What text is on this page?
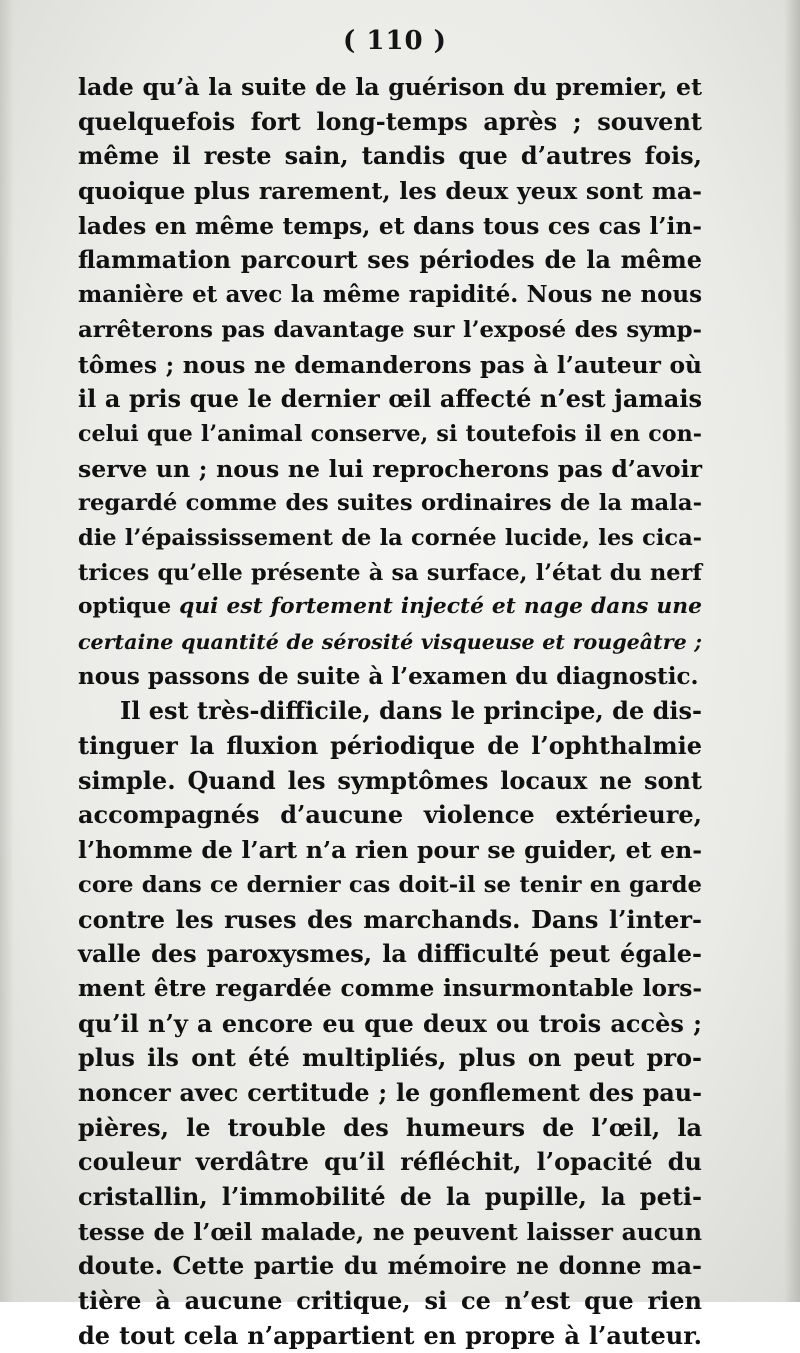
( 110 )
lade qu’à la suite de la guérison du premier, et
quelquefois fort long-temps après ; souvent
même il reste sain, tandis que d’autres fois,
quoique plus rarement, les deux yeux sont ma-
lades en même temps, et dans tous ces cas l’in-
flammation parcourt ses périodes de la même
manière et avec la même rapidité. Nous ne nous
arrêterons pas davantage sur l’exposé des symp-
tômes ; nous ne demanderons pas à l’auteur où
il a pris que le dernier œil affecté n’est jamais
celui que l’animal conserve, si toutefois il en con-
serve un ; nous ne lui reprocherons pas d’avoir
regardé comme des suites ordinaires de la mala-
die l’épaississement de la cornée lucide, les cica-
trices qu’elle présente à sa surface, l’état du nerf
optique qui est fortement injecté et nage dans une
certaine quantité de sérosité visqueuse et rougeâtre ;
nous passons de suite à l’examen du diagnostic.
Il est très-difficile, dans le principe, de dis-
tinguer la fluxion périodique de l’ophthalmie
simple. Quand les symptômes locaux ne sont
accompagnés d’aucune violence extérieure,
l’homme de l’art n’a rien pour se guider, et en-
core dans ce dernier cas doit-il se tenir en garde
contre les ruses des marchands. Dans l’inter-
valle des paroxysmes, la difficulté peut égale-
ment être regardée comme insurmontable lors-
qu’il n’y a encore eu que deux ou trois accès ;
plus ils ont été multipliés, plus on peut pro-
noncer avec certitude ; le gonflement des pau-
pières, le trouble des humeurs de l’œil, la
couleur verdâtre qu’il réfléchit, l’opacité du
cristallin, l’immobilité de la pupille, la peti-
tesse de l’œil malade, ne peuvent laisser aucun
doute. Cette partie du mémoire ne donne ma-
tière à aucune critique, si ce n’est que rien
de tout cela n’appartient en propre à l’auteur.
